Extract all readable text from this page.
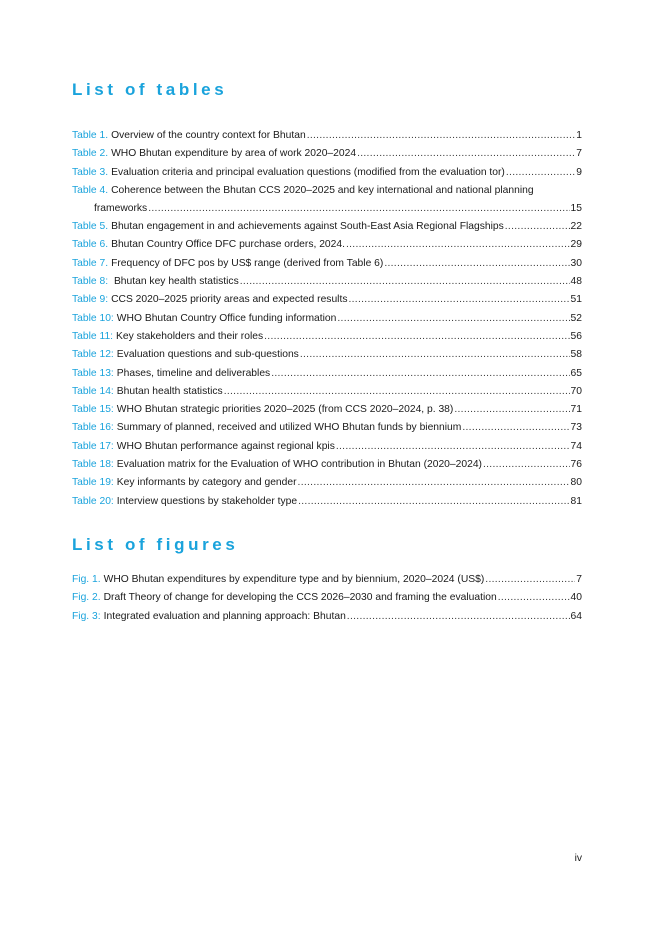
List of tables
Table 1. Overview of the country context for Bhutan .....	1
Table 2. WHO Bhutan expenditure by area of work 2020–2024 .....	7
Table 3. Evaluation criteria and principal evaluation questions (modified from the evaluation tor) .....	9
Table 4. Coherence between the Bhutan CCS 2020–2025 and key international and national planning
frameworks .....	15
Table 5. Bhutan engagement in and achievements against South-East Asia Regional Flagships .....	22
Table 6. Bhutan Country Office DFC purchase orders, 2024. .....	29
Table 7. Frequency of DFC pos by US$ range (derived from Table 6) .....	30
Table 8: Bhutan key health statistics .....	48
Table 9: CCS 2020–2025 priority areas and expected results .....	51
Table 10: WHO Bhutan Country Office funding information .....	52
Table 11: Key stakeholders and their roles .....	56
Table 12: Evaluation questions and sub-questions .....	58
Table 13: Phases, timeline and deliverables .....	65
Table 14: Bhutan health statistics .....	70
Table 15: WHO Bhutan strategic priorities 2020–2025 (from CCS 2020–2024, p. 38) .....	71
Table 16: Summary of planned, received and utilized WHO Bhutan funds by biennium .....	73
Table 17: WHO Bhutan performance against regional kpis .....	74
Table 18: Evaluation matrix for the Evaluation of WHO contribution in Bhutan (2020–2024) .....	76
Table 19: Key informants by category and gender .....	80
Table 20: Interview questions by stakeholder type .....	81
List of figures
Fig. 1. WHO Bhutan expenditures by expenditure type and by biennium, 2020–2024 (US$) .....	7
Fig. 2. Draft Theory of change for developing the CCS 2026–2030 and framing the evaluation .....	40
Fig. 3: Integrated evaluation and planning approach: Bhutan .....	64
iv
